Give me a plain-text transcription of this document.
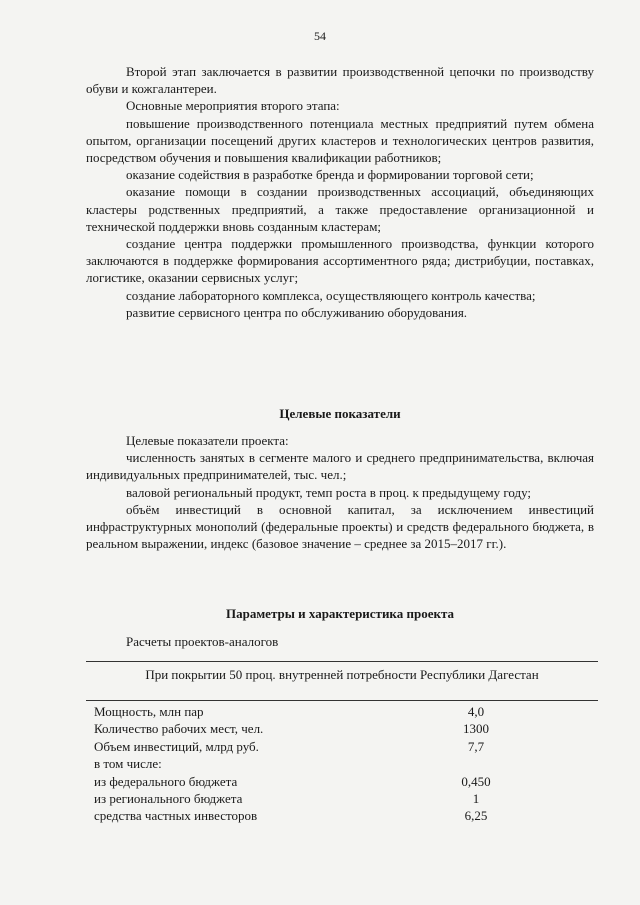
54

Второй этап заключается в развитии производственной цепочки по производству обуви и кожгалантереи.

Основные мероприятия второго этапа:

повышение производственного потенциала местных предприятий путем обмена опытом, организации посещений других кластеров и технологических центров развития, посредством обучения и повышения квалификации работников;

оказание содействия в разработке бренда и формировании торговой сети;

оказание помощи в создании производственных ассоциаций, объединяющих кластеры родственных предприятий, а также предоставление организационной и технической поддержки вновь созданным кластерам;

создание центра поддержки промышленного производства, функции которого заключаются в поддержке формирования ассортиментного ряда; дистрибуции, поставках, логистике, оказании сервисных услуг;

создание лабораторного комплекса, осуществляющего контроль качества;

развитие сервисного центра по обслуживанию оборудования.

Целевые показатели

Целевые показатели проекта:

численность занятых в сегменте малого и среднего предпринимательства, включая индивидуальных предпринимателей, тыс. чел.;

валовой региональный продукт, темп роста в проц. к предыдущему году;

объём инвестиций в основной капитал, за исключением инвестиций инфраструктурных монополий (федеральные проекты) и средств федерального бюджета, в реальном выражении, индекс (базовое значение – среднее за 2015–2017 гг.).

Параметры и характеристика проекта

Расчеты проектов-аналогов

При покрытии 50 проц. внутренней потребности Республики Дагестан
Мощность, млн пар	4,0
Количество рабочих мест, чел.	1300
Объем инвестиций, млрд руб.	7,7
в том числе:
из федерального бюджета	0,450
из регионального бюджета	1
средства частных инвесторов	6,25
